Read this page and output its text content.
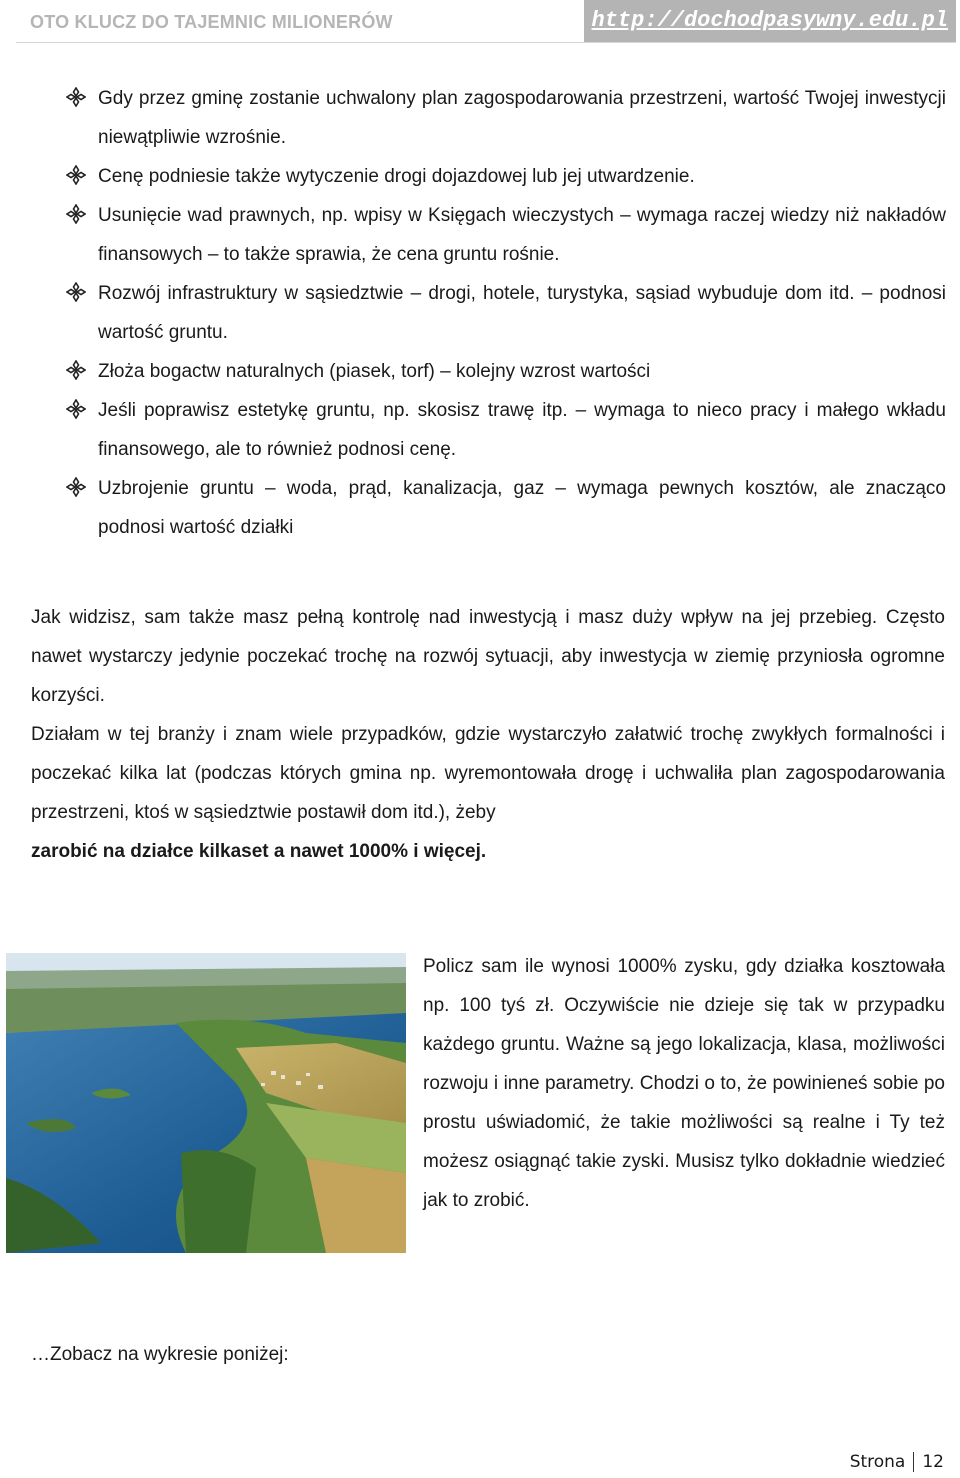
OTO KLUCZ DO TAJEMNIC MILIONERÓW	http://dochodpasywny.edu.pl
Gdy przez gminę zostanie uchwalony plan zagospodarowania przestrzeni, wartość Twojej inwestycji niewątpliwie wzrośnie.
Cenę podniesie także wytyczenie drogi dojazdowej lub jej utwardzenie.
Usunięcie wad prawnych, np. wpisy w Księgach wieczystych – wymaga raczej wiedzy niż nakładów finansowych – to także sprawia, że cena gruntu rośnie.
Rozwój infrastruktury w sąsiedztwie – drogi, hotele, turystyka, sąsiad wybuduje dom itd. – podnosi wartość gruntu.
Złoża bogactw naturalnych (piasek, torf) – kolejny wzrost wartości
Jeśli poprawisz estetykę gruntu, np. skosisz trawę itp. – wymaga to nieco pracy i małego wkładu finansowego, ale to również podnosi cenę.
Uzbrojenie gruntu – woda, prąd, kanalizacja, gaz – wymaga pewnych kosztów, ale znacząco podnosi wartość działki

Jak widzisz, sam także masz pełną kontrolę nad inwestycją i masz duży wpływ na jej przebieg. Często nawet wystarczy jedynie poczekać trochę na rozwój sytuacji, aby inwestycja w ziemię przyniosła ogromne korzyści.

Działam w tej branży i znam wiele przypadków, gdzie wystarczyło załatwić trochę zwykłych formalności i poczekać kilka lat (podczas których gmina np. wyremontowała drogę i uchwaliła plan zagospodarowania przestrzeni, ktoś w sąsiedztwie postawił dom itd.), żeby
zarobić na działce kilkaset a nawet 1000% i więcej.

Policz sam ile wynosi 1000% zysku, gdy działka kosztowała np. 100 tyś zł. Oczywiście nie dzieje się tak w przypadku każdego gruntu. Ważne są jego lokalizacja, klasa, możliwości rozwoju i inne parametry. Chodzi o to, że powinieneś sobie po prostu uświadomić, że takie możliwości są realne i Ty też możesz osiągnąć takie zyski. Musisz tylko dokładnie wiedzieć jak to zrobić.

…Zobacz na wykresie poniżej:
Strona 12
